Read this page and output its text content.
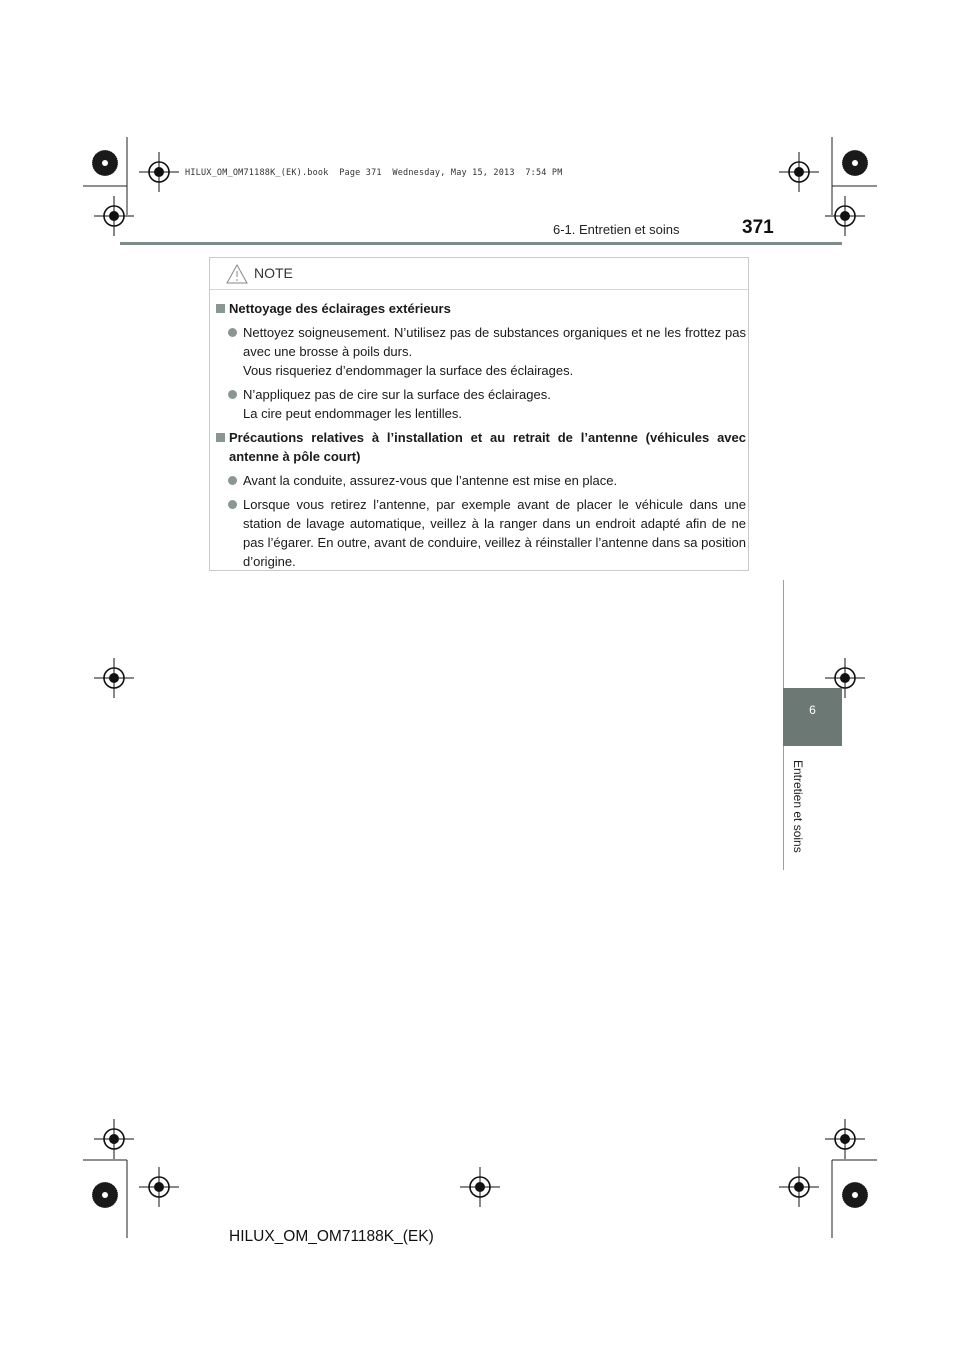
HILUX_OM_OM71188K_(EK).book  Page 371  Wednesday, May 15, 2013  7:54 PM
6-1. Entretien et soins	371
6
Entretien et soins
NOTE
Nettoyage des éclairages extérieurs

Nettoyez soigneusement. N’utilisez pas de substances organiques et ne les frottez pas avec une brosse à poils durs.

Vous risqueriez d’endommager la surface des éclairages.

N’appliquez pas de cire sur la surface des éclairages.

La cire peut endommager les lentilles.

Précautions relatives à l’installation et au retrait de l’antenne (véhicules avec antenne à pôle court)

Avant la conduite, assurez-vous que l’antenne est mise en place.

Lorsque vous retirez l’antenne, par exemple avant de placer le véhicule dans une station de lavage automatique, veillez à la ranger dans un endroit adapté afin de ne pas l’égarer. En outre, avant de conduire, veillez à réinstaller l’antenne dans sa position d’origine.

HILUX_OM_OM71188K_(EK)
